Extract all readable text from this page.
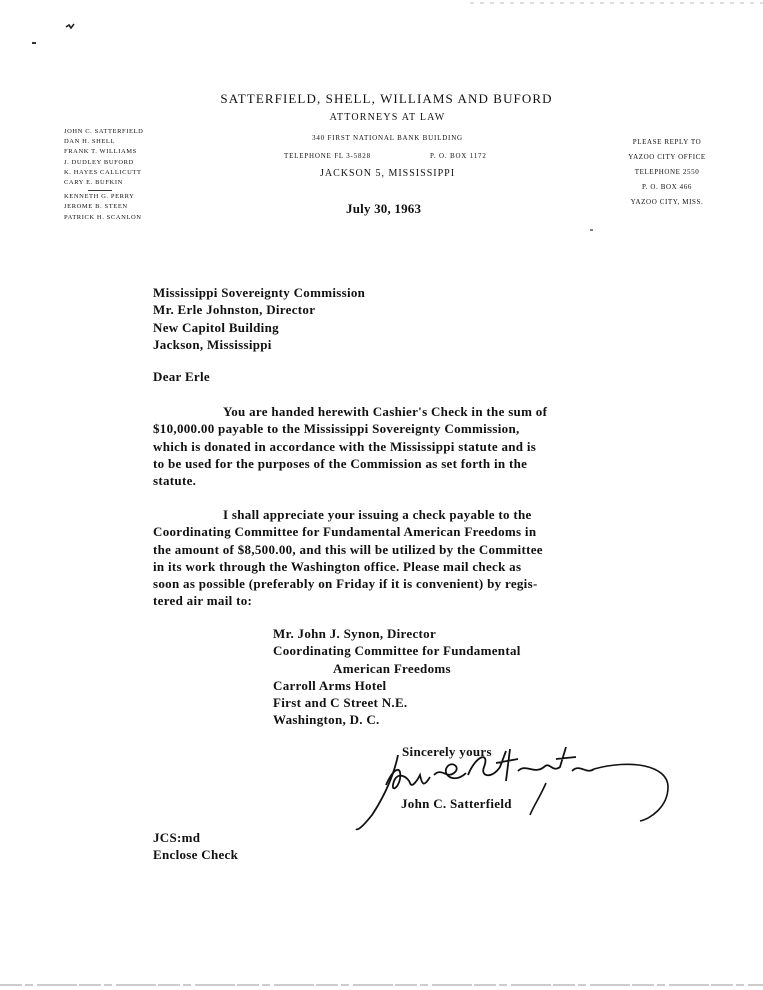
SATTERFIELD, SHELL, WILLIAMS AND BUFORD
ATTORNEYS AT LAW
340 FIRST NATIONAL BANK BUILDING
TELEPHONE FL 3-5828	P. O. BOX 1172
JACKSON 5, MISSISSIPPI
JOHN C. SATTERFIELD
DAN H. SHELL
FRANK T. WILLIAMS
J. DUDLEY BUFORD
K. HAYES CALLICUTT
CARY E. BUFKIN
KENNETH G. PERRY
JEROME B. STEEN
PATRICK H. SCANLON
PLEASE REPLY TO
YAZOO CITY OFFICE
TELEPHONE 2550
P. O. BOX 466
YAZOO CITY, MISS.
July 30, 1963
Mississippi Sovereignty Commission
Mr. Erle Johnston, Director
New Capitol Building
Jackson, Mississippi
Dear Erle
You are handed herewith Cashier's Check in the sum of
$10,000.00 payable to the Mississippi Sovereignty Commission,
which is donated in accordance with the Mississippi statute and is
to be used for the purposes of the Commission as set forth in the
statute.
I shall appreciate your issuing a check payable to the
Coordinating Committee for Fundamental American Freedoms in
the amount of $8,500.00, and this will be utilized by the Committee
in its work through the Washington office. Please mail check as
soon as possible (preferably on Friday if it is convenient) by regis-
tered air mail to:
Mr. John J. Synon, Director
Coordinating Committee for Fundamental
American Freedoms
Carroll Arms Hotel
First and C Street N.E.
Washington, D. C.
Sincerely yours
John C. Satterfield
JCS:md
Enclose Check
